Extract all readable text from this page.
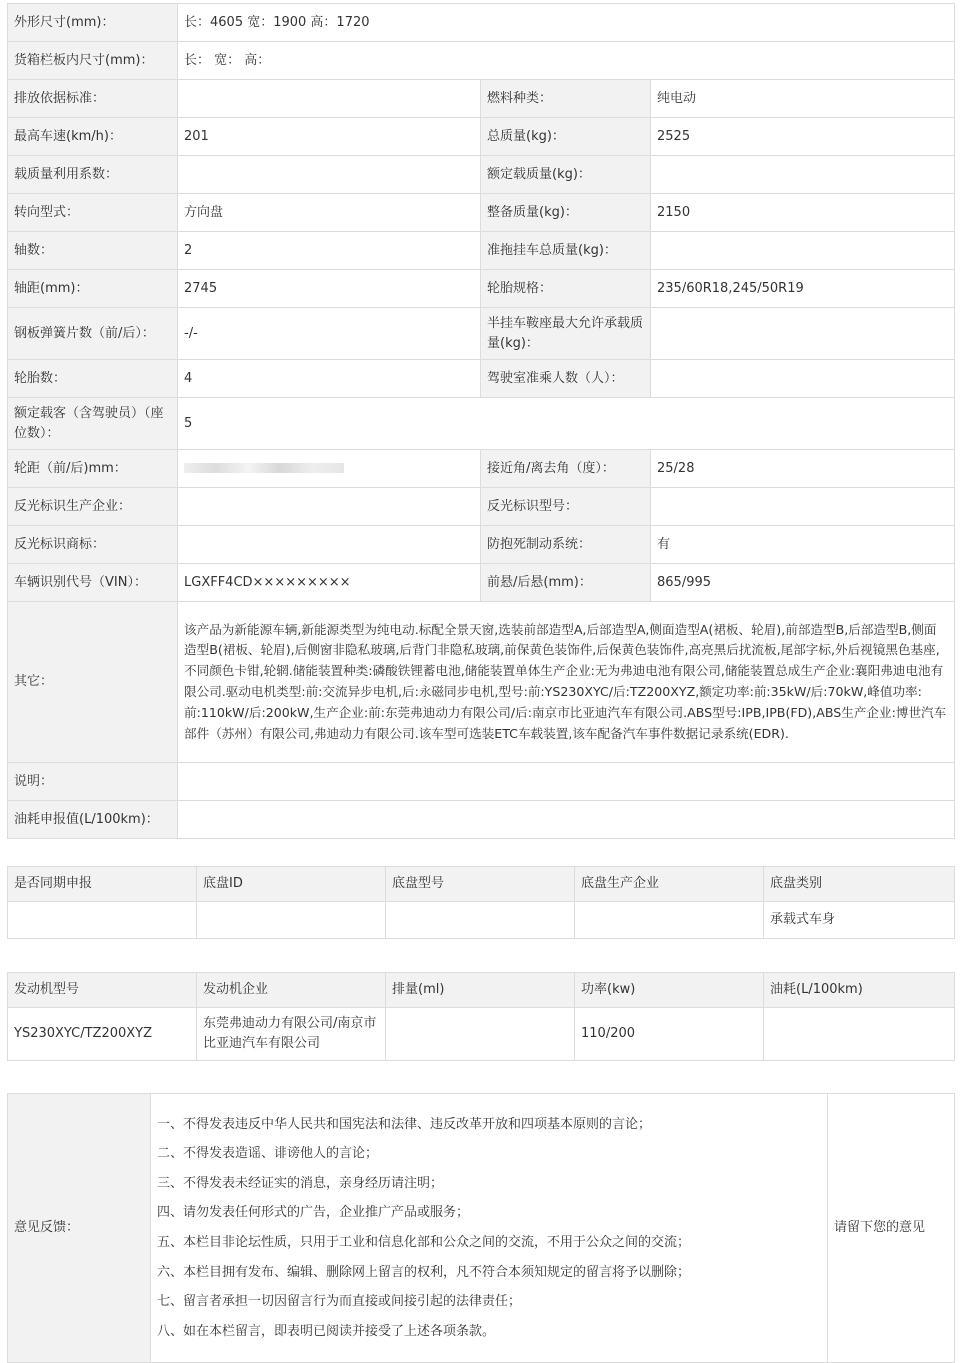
外形尺寸(mm)：	长：4605 宽：1900 高：1720		
货箱栏板内尺寸(mm)：	长： 宽： 高：		
排放依据标准：		燃料种类：	纯电动
最高车速(km/h)：	201	总质量(kg)：	2525
载质量利用系数：		额定载质量(kg)：	
转向型式：	方向盘	整备质量(kg)：	2150
轴数：	2	准拖挂车总质量(kg)：	
轴距(mm)：	2745	轮胎规格：	235/60R18,245/50R19
钢板弹簧片数（前/后）：	-/-	半挂车鞍座最大允许承载质量(kg)：	
轮胎数：	4	驾驶室准乘人数（人）：	
额定载客（含驾驶员）（座位数）：	5		
轮距（前/后)mm：		接近角/离去角（度）：	25/28
反光标识生产企业：		反光标识型号：	
反光标识商标：		防抱死制动系统：	有
车辆识别代号（VIN）：	LGXFF4CD×××××××××	前悬/后悬(mm)：	865/995
其它：	该产品为新能源车辆,新能源类型为纯电动.标配全景天窗,选装前部造型A,后部造型A,侧面造型A(裙板、轮眉),前部造型B,后部造型B,侧面造型B(裙板、轮眉),后侧窗非隐私玻璃,后背门非隐私玻璃,前保黄色装饰件,后保黄色装饰件,高亮黑后扰流板,尾部字标,外后视镜黑色基座,不同颜色卡钳,轮辋.储能装置种类:磷酸铁锂蓄电池,储能装置单体生产企业:无为弗迪电池有限公司,储能装置总成生产企业:襄阳弗迪电池有限公司.驱动电机类型:前:交流异步电机,后:永磁同步电机,型号:前:YS230XYC/后:TZ200XYZ,额定功率:前:35kW/后:70kW,峰值功率:前:110kW/后:200kW,生产企业:前:东莞弗迪动力有限公司/后:南京市比亚迪汽车有限公司.ABS型号:IPB,IPB(FD),ABS生产企业:博世汽车部件（苏州）有限公司,弗迪动力有限公司.该车型可选装ETC车载装置,该车配备汽车事件数据记录系统(EDR).		
说明：			
油耗申报值(L/100km)：			
是否同期申报	底盘ID	底盘型号	底盘生产企业	底盘类别
				承载式车身
发动机型号	发动机企业	排量(ml)	功率(kw)	油耗(L/100km)
YS230XYC/TZ200XYZ	东莞弗迪动力有限公司/南京市比亚迪汽车有限公司		110/200	
意见反馈：	
一、不得发表违反中华人民共和国宪法和法律、违反改革开放和四项基本原则的言论；
二、不得发表造谣、诽谤他人的言论；
三、不得发表未经证实的消息，亲身经历请注明；
四、请勿发表任何形式的广告，企业推广产品或服务；
五、本栏目非论坛性质，只用于工业和信息化部和公众之间的交流，不用于公众之间的交流；
六、本栏目拥有发布、编辑、删除网上留言的权利，凡不符合本须知规定的留言将予以删除；
七、留言者承担一切因留言行为而直接或间接引起的法律责任；
八、如在本栏留言，即表明已阅读并接受了上述各项条款。
	请留下您的意见
